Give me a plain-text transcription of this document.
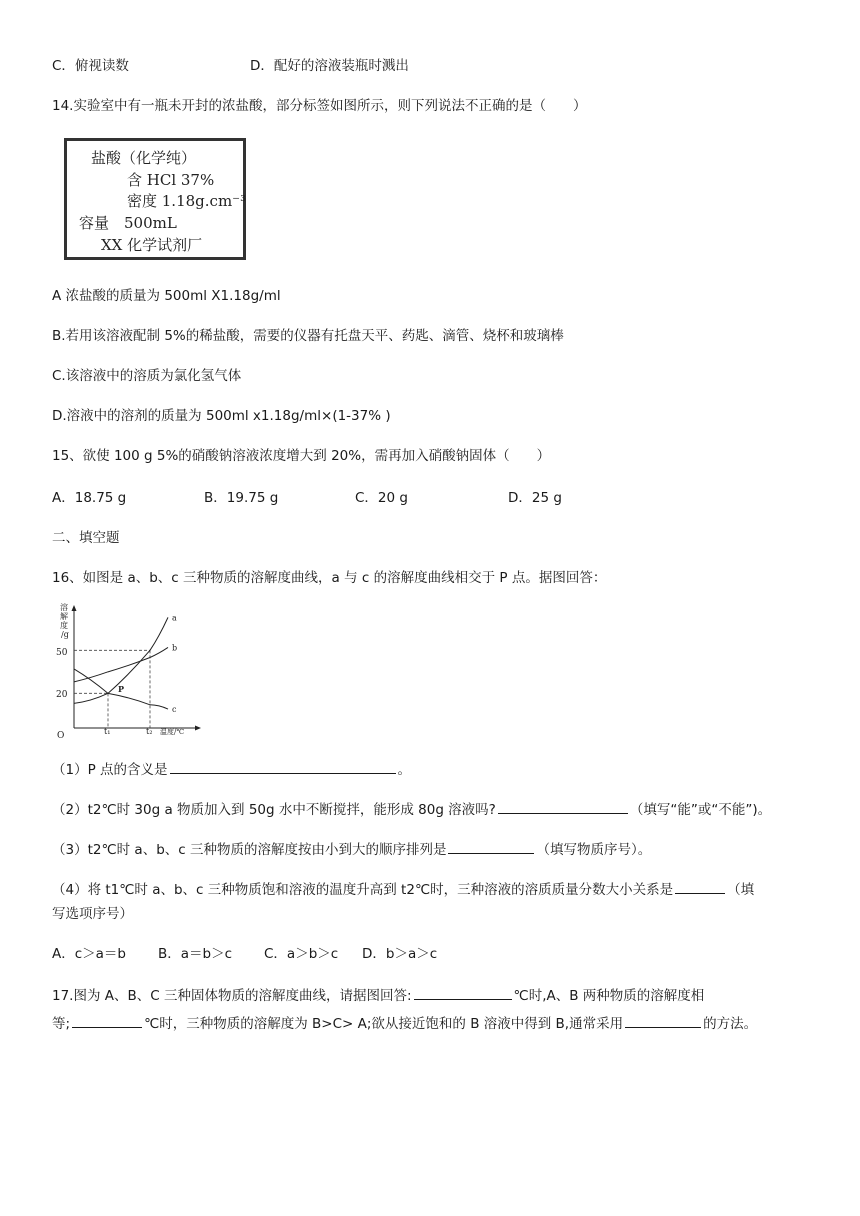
C．俯视读数	D．配好的溶液装瓶时溅出
14.实验室中有一瓶未开封的浓盐酸，部分标签如图所示，则下列说法不正确的是（　　）
盐酸（化学纯）
含 HCl 37%
密度 1.18g.cm⁻³
容量　500mL
XX 化学试剂厂
A 浓盐酸的质量为 500ml X1.18g/ml
B.若用该溶液配制 5%的稀盐酸，需要的仪器有托盘天平、药匙、滴管、烧杯和玻璃棒
C.该溶液中的溶质为氯化氢气体
D.溶液中的溶剂的质量为 500ml x1.18g/ml×(1-37% )
15、欲使 100 g 5%的硝酸钠溶液浓度增大到 20%，需再加入硝酸钠固体（　　）
A．18.75 g	B．19.75 g	C．20 g	D．25 g
二、填空题
16、如图是 a、b、c 三种物质的溶解度曲线，a 与 c 的溶解度曲线相交于 P 点。据图回答：
溶
解
度
/g
O
50
20
t₁	t₂ 温度/℃
P
a
b
c
（1）P 点的含义是	。
（2）t2℃时 30g a 物质加入到 50g 水中不断搅拌，能形成 80g 溶液吗?	（填写“能”或“不能”)。
（3）t2℃时 a、b、c 三种物质的溶解度按由小到大的顺序排列是	（填写物质序号）。
（4）将 t1℃时 a、b、c 三种物质饱和溶液的温度升高到 t2℃时，三种溶液的溶质质量分数大小关系是	（填
写选项序号）
A．c＞a＝b B．a＝b＞c C．a＞b＞c D．b＞a＞c
17.图为 A、B、C 三种固体物质的溶解度曲线，请据图回答:	℃时,A、B 两种物质的溶解度相
等;	℃时，三种物质的溶解度为 B>C> A;欲从接近饱和的 B 溶液中得到 B,通常采用	的方法。
